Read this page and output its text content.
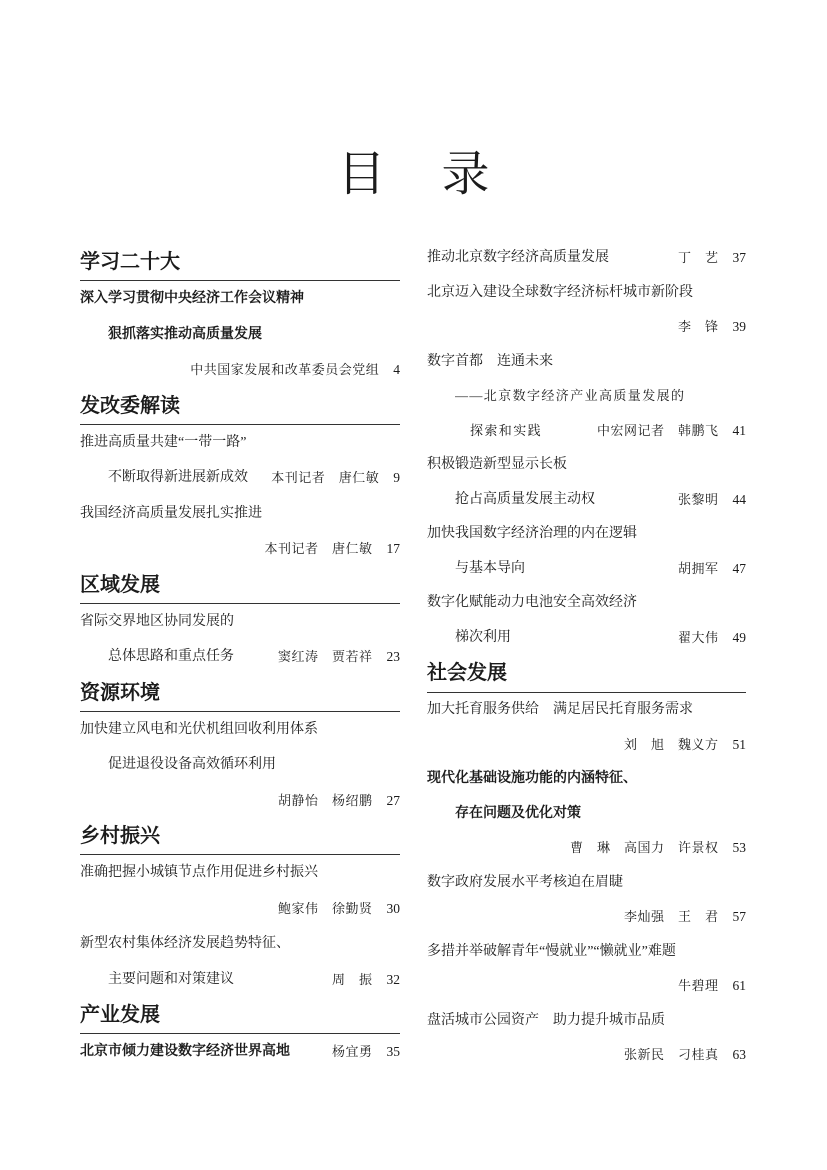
目 录
学习二十大
深入学习贯彻中央经济工作会议精神
狠抓落实推动高质量发展
中共国家发展和改革委员会党组 4
发改委解读
推进高质量共建“一带一路”
不断取得新进展新成效	本刊记者　唐仁敏 9
我国经济高质量发展扎实推进
本刊记者　唐仁敏 17
区域发展
省际交界地区协同发展的
总体思路和重点任务	窦红涛　贾若祥 23
资源环境
加快建立风电和光伏机组回收利用体系
促进退役设备高效循环利用
胡静怡　杨绍鹏 27
乡村振兴
准确把握小城镇节点作用促进乡村振兴
鲍家伟　徐勤贤 30
新型农村集体经济发展趋势特征、
主要问题和对策建议	周　振 32
产业发展
北京市倾力建设数字经济世界高地	杨宜勇 35
推动北京数字经济高质量发展	丁　艺 37
北京迈入建设全球数字经济标杆城市新阶段
李　锋 39
数字首都　连通未来
——北京数字经济产业高质量发展的
探索和实践	中宏网记者　韩鹏飞 41
积极锻造新型显示长板
抢占高质量发展主动权	张黎明 44
加快我国数字经济治理的内在逻辑
与基本导向	胡拥军 47
数字化赋能动力电池安全高效经济
梯次利用	翟大伟 49
社会发展
加大托育服务供给　满足居民托育服务需求
刘　旭　魏义方 51
现代化基础设施功能的内涵特征、
存在问题及优化对策
曹　琳　高国力　许景权 53
数字政府发展水平考核迫在眉睫
李灿强　王　君 57
多措并举破解青年“慢就业”“懒就业”难题
牛碧理 61
盘活城市公园资产　助力提升城市品质
张新民　刁桂真 63
